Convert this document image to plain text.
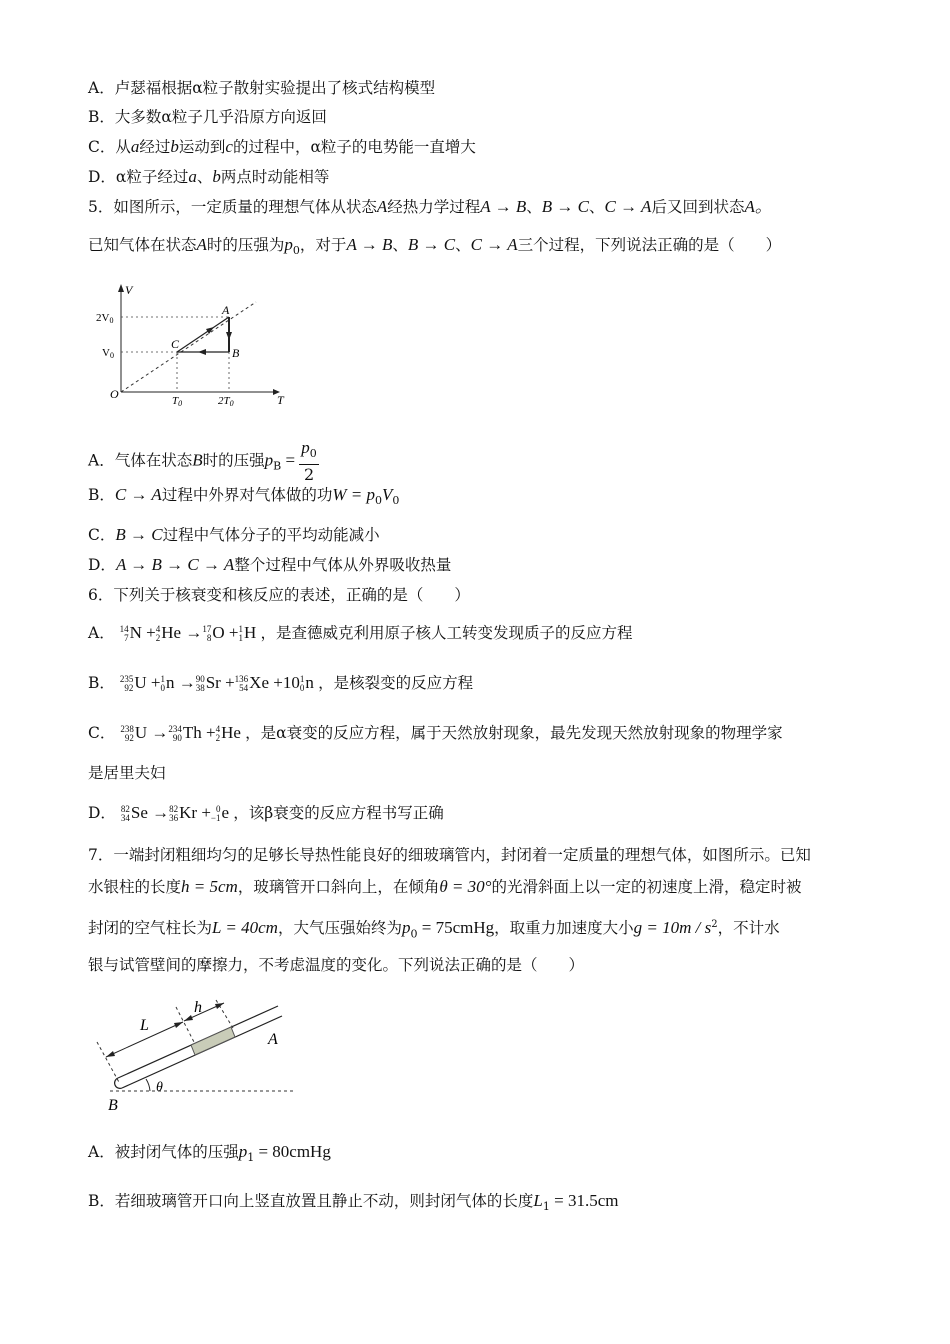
A．卢瑟福根据α粒子散射实验提出了核式结构模型
B．大多数α粒子几乎沿原方向返回
C．从a经过b运动到c的过程中，α粒子的电势能一直增大
D．α粒子经过a、b两点时动能相等
5．如图所示，一定质量的理想气体从状态A经热力学过程A → B、B → C、C → A后又回到状态A。
已知气体在状态A时的压强为$p_0$，对于A → B、B → C、C → A三个过程，下列说法正确的是（　　）
V
T
O
2V0
V0
T0	2T0
A
B
C
A．气体在状态B时的压强$p_B = \frac{p_0}{2}$
B．C → A过程中外界对气体做的功$W = p_0V_0$
C．B → C过程中气体分子的平均动能减小
D．A → B → C → A整个过程中气体从外界吸收热量
6．下列关于核衰变和核反应的表述，正确的是（　　）
A． 14
7 N + 4
2 He → 17
8 O + 1
1 H ，是查德威克利用原子核人工转变发现质子的反应方程
B． 235
92 U + 1
0 n → 90
38 Sr + 136
54 Xe +10 1
0 n ，是核裂变的反应方程
C． 238
92 U → 234
90 Th + 4
2 He ，是α衰变的反应方程，属于天然放射现象，最先发现天然放射现象的物理学家
是居里夫妇
D． 82
34 Se → 82
36 Kr + 0
−1 e ，该β衰变的反应方程书写正确
7．一端封闭粗细均匀的足够长导热性能良好的细玻璃管内，封闭着一定质量的理想气体，如图所示。已知
水银柱的长度h = 5cm，玻璃管开口斜向上，在倾角θ = 30°的光滑斜面上以一定的初速度上滑，稳定时被
封闭的空气柱长为L = 40cm，大气压强始终为$p_0$ = 75cmHg，取重力加速度大小$g = 10m / s^2$，不计水
银与试管壁间的摩擦力，不考虑温度的变化。下列说法正确的是（　　）
L
h
A
B
θ
A．被封闭气体的压强$p_1$ = 80cmHg
B．若细玻璃管开口向上竖直放置且静止不动，则封闭气体的长度$L_1 = 31.5cm$
